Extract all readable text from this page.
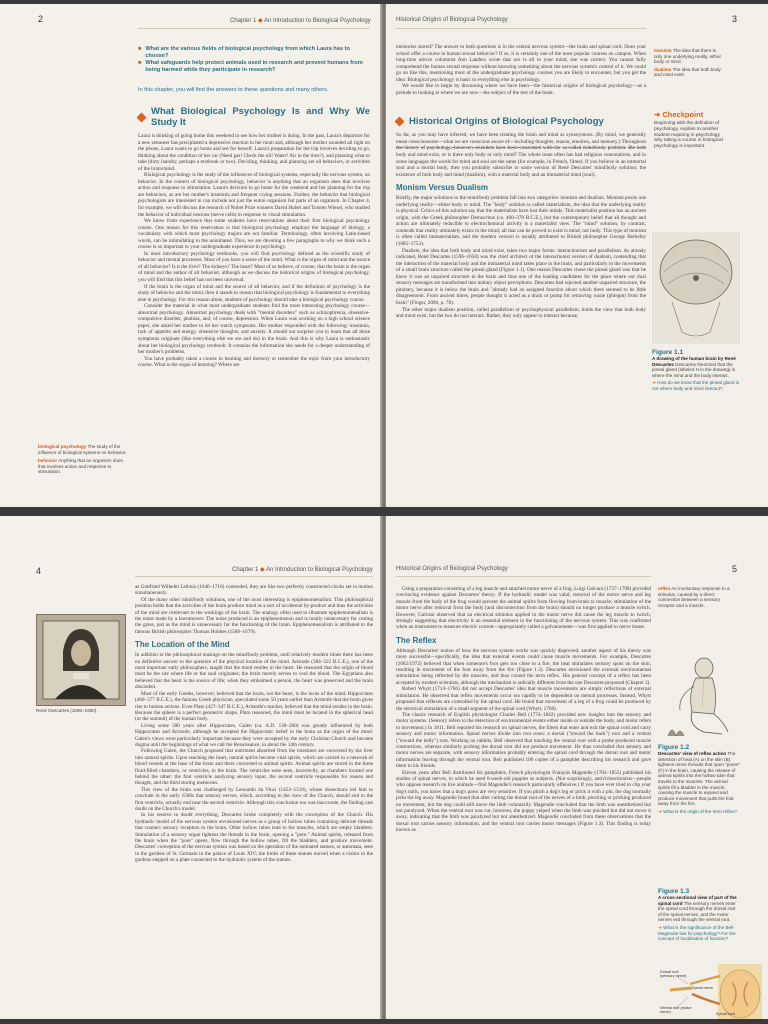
2	Chapter 1 ◆ An Introduction to Biological Psychology
■ What are the various fields of biological psychology from which Laura has to choose?
■ What safeguards help protect animals used in research and prevent humans from being harmed while they participate in research?
In this chapter, you will find the answers to these questions and many others.
What Biological Psychology Is and Why We Study It

Laura is thinking of going home this weekend to see how her mother is doing. In the past, Laura's departure for a new semester has precipitated a depressive reaction in her mom and, although her mother sounded all right on the phone, Laura wants to go home and see for herself. Laura's preparation for the trip involves deciding to go, thinking about the condition of her car (Need gas! Check the oil! Water! Air in the tires?), and planning what to take (dirty laundry, perhaps a textbook or two). Deciding, thinking, and planning are all behaviors, or activities of the brain/mind.

Biological psychology is the study of the influences of biological systems, especially the nervous system, on behavior. In the context of biological psychology, behavior is anything that an organism does that involves action and response to stimulation. Laura's decision to go home for the weekend and her planning for the trip are behaviors, as are her mother's insomnia and frequent crying sessions. Further, the behavior that biological psychologists are interested in can include not just the entire organism but parts of an organism. In Chapter 4, for example, we will discuss the research of Nobel Prize winners David Hubel and Torsten Wiesel, who studied the behavior of individual neurons (nerve cells) in response to visual stimulation.

We know from experience that some students have reservations about their first biological psychology course. One reason for this reservation is that biological psychology employs the language of biology, a vocabulary with which most psychology majors are not familiar. Terminology, often involving Latin-based words, can be intimidating to the uninitiated. Thus, we are devoting a few paragraphs to why we think such a course is so important to your undergraduate experience in psychology.

In most introductory psychology textbooks, you will find psychology defined as the scientific study of behavior and mental processes. Most of you have a sense of the mind. What is the organ of mind and the source of all behavior? Is it the liver? The kidneys? The heart? Most of us believe, of course, that the brain is the organ of mind and the author of all behavior, although as we discuss the historical origins of biological psychology, you will find that this belief has not been universal.

If the brain is the organ of mind and the source of all behavior, and if the definition of psychology is the study of behavior and the mind, then it stands to reason that biological psychology is fundamental to everything else in psychology. For this reason alone, students of psychology should take a biological psychology course.

Consider the material in what most undergraduate students find the most interesting psychology course—abnormal psychology. Abnormal psychology deals with "mental disorders" such as schizophrenia, obsessive-compulsive disorder, phobias, and, of course, depression. When Laura was working on a high school science paper, she asked her mother to let her watch symptoms. Her mother responded with the following: insomnia, lack of appetite and energy, obsessive thoughts, and anxiety. It should not surprise you to learn that all these symptoms originate (like everything else we are and do) in the brain. And this is why Laura is enthusiastic about her biological psychology textbook: It contains the information she needs for a deeper understanding of her mother's problems.

You have probably taken a course in learning and memory or remember the topic from your introductory course. What is the organ of learning? Where are

biological psychology The study of the influence of biological systems on behavior.
behavior Anything that an organism does that involves action and response to stimulation.
Historical Origins of Biological Psychology	3

memories stored? The answer to both questions is in the central nervous system—the brain and spinal cord. Does your school offer a course in human sexual behavior? If so, it is certainly one of the most popular courses on campus. When long-time advice columnist Ann Landers wrote that sex is all in your mind, she was correct. You cannot fully comprehend the human sexual response without knowing something about the nervous system's control of it. We could go on like this, mentioning most of the undergraduate psychology courses you are likely to encounter, but you get the idea: Biological psychology is basic to everything else in psychology.

We would like to begin by discussing where we have been—the historical origins of biological psychology—as a prelude to looking at where we are now—the subject of the rest of the book.

Historical Origins of Biological Psychology

So far, as you may have inferred, we have been treating the brain and mind as synonymous. (By mind, we generally mean consciousness—what we are conscious aware of—including thoughts, reason, emotion, and memory.) Throughout the history of psychology, however, scientists have been concerned with the so-called mind/body problem. Do both body and mind exist, or is there only body or only mind? The whole issue often has had religious connotations, and in some languages the words for mind and soul are the same (for example, in French, l'âme). If you believe in an immortal soul and a mortal body, then you probably subscribe to some version of René Descartes' mind/body solution: the existence of both body and mind (dualism), with a material body and an immaterial mind (soul).

Monism Versus Dualism

Briefly, the major solutions to the mind/body problem fall into two categories: monism and dualism. Monism posits one underlying reality—either body or mind. The "body" solution is called materialism, the idea that the underlying reality is physical. Critics of this solution say that the materialists have lost their minds. This materialist position has an ancient origin, with the Greek philosopher Democritus (ca. 460–370 B.C.E.), but the contemporary belief that all thought and action are ultimately reducible to electrochemical activity is a materialist view. The "mind" solution, by contrast, contends that reality ultimately exists in the mind; all that can be proved to exist is mind, not body. This type of monism is often called immaterialism, and the modern version is usually attributed to British philosopher George Berkeley (1685–1753).

Dualism, the idea that both body and mind exist, takes two major forms: interactionism and parallelism. As already indicated, René Descartes (1596–1650) was the chief architect of the interactionist version of dualism, contending that the interaction of the material body and the immaterial mind takes place in the brain, and particularly in the movements of a small brain structure called the pineal gland (Figure 1.1). One reason Descartes chose the pineal gland was that he knew it was an unpaired structure in the brain and thus one of the leading candidates for the place where our dual sensory messages are transformed into unitary object perceptions. Descartes had rejected another unpaired structure, the pituitary, because it is below the brain and "already had an assigned function about which there seemed to be little disagreement. From ancient times, people thought it acted as a drain or pump for removing waste (phlegm) from the brain" (Finger, 2000, p. 78).

The other major dualism position, called parallelism or psychophysical parallelism, holds the view that both body and mind exist, but the two do not interact. Rather, they only appear to interact because,

monism The idea that there is only one underlying reality, either body or mind.
dualism The idea that both body and mind exist.
➜ Checkpoint
Beginning with the definition of psychology, explain to another student majoring in psychology why taking a course in biological psychology is important.
Figure 1.1
A drawing of the human brain by René Descartes Descartes theorized that the pineal gland (labeled H in the drawing) is where the mind and the body interact.
➜ How do we know that the pineal gland is not where body and mind interact?
4	Chapter 1 ◆ An Introduction to Biological Psychology

as Gottfried Wilhelm Leibniz (1646–1716) contended, they are like two perfectly constructed clocks set in motion simultaneously.

Of the many other mind/body solutions, one of the most interesting is epiphenomenalism. This philosophical position holds that the activities of the brain produce mind as a sort of accidental by-product and thus the activities of the mind are irrelevant to the workings of the brain. The analogy often used to illustrate epiphenomenalism is the noise made by a lawnmower: The noise produced is an epiphenomenon and is totally unnecessary for cutting the grass, just as the mind is unnecessary for the functioning of the brain. Epiphenomenalism is attributed to the famous British philosopher Thomas Hobbes (1588–1679).

The Location of the Mind

In addition to the philosophical musings on the mind/body problem, until relatively modern times there has been no definitive answer to the question of the physical location of the mind. Aristotle (384–322 B.C.E.), one of the most important early philosophers, taught that the mind resides in the heart. He reasoned that the origin of blood must be the site where life or the soul originates; the brain merely serves to cool the blood. The Egyptians also believed that the heart is the source of life; when they embalmed a person, the heart was preserved and the brain discarded.

Most of the early Greeks, however, believed that the brain, not the heart, is the locus of the mind. Hippocrates (460–377 B.C.E.), the famous Greek physician, speculated some 50 years earlier than Aristotle that the brain gives rise to human actions. Even Plato (427–347 B.C.E.), Aristotle's teacher, believed that the mind resides in the brain. Because the sphere is a perfect geometric shape, Plato reasoned, the mind must be located in the spherical head (or the summit) of the human body.

Living some 500 years after Hippocrates, Galen (ca. A.D. 130–200) was greatly influenced by both Hippocrates and Aristotle, although he accepted the Hippocratic belief in the brain as the organ of the mind. Galen's views were particularly important because they were accepted by the early Christian Church and became dogma until the beginnings of what we call the Renaissance, in about the 14th century.

Following Galen, the Church proposed that nutriment absorbed from the intestines are converted by the liver into natural spirits. Upon reaching the heart, natural spirits become vital spirits, which are carried to a network of blood vessels at the base of the brain and there converted to animal spirits. Animal spirits are stored in the three fluid-filled chambers, or ventricles, in the brain. The ventricles were seen, incorrectly, as chambers located one behind the other: the first ventricle analyzing sensory input, the second ventricle responsible for reason and thought, and the third storing memories.

This view of the brain was challenged by Leonardo da Vinci (1452–1519), whose dissections led him to conclude in the early 1500s that sensory nerves, which, according to the view of the Church, should end in the first ventricle, actually end near the second ventricle. Although this conclusion too was inaccurate, the finding cast doubt on the Church's model.

In his resolve to doubt everything, Descartes broke completely with the conception of the Church. His hydraulic model of the nervous system envisioned nerves as a group of hollow tubes containing delicate threads that connect sensory receptors to the brain. Other hollow tubes lead to the muscles, which are empty bladders. Stimulation of a sensory organ tightens the threads in the brain, opening a "pore." Animal spirits, released from the brain when the "pore" opens, flow through the hollow tubes, fill the bladders, and produce movement. Descartes' conception of the nervous system was based on the operation of the animated statues, or automata, seen in the gardens of St. Germain in the palace of Louis XIV; the limbs of these statues moved when a visitor to the gardens stepped on a plate connected to the hydraulic system of the statues.

René Descartes (1596–1650).
Historical Origins of Biological Psychology	5

Using a preparation consisting of a leg muscle and attached motor nerve of a frog, Luigi Galvani (1737–1798) provided convincing evidence against Descartes' theory. If the hydraulic model was valid, removal of the motor nerve and leg muscle from the body of the frog would prevent the animal spirits from flowing from brain to muscle; stimulation of the motor nerve after removal from the body (and disconnection from the brain) should no longer produce a muscle twitch. However, Galvani observed that an electrical stimulus applied to the motor nerve did cause the leg muscle to twitch, strongly suggesting that electricity is an essential element in the functioning of the nervous system. This was confirmed when an instrument to measure electric current—appropriately called a galvanometer—was first applied to nerve tissue.

The Reflex

Although Descartes' notion of how the nervous system works was quickly disproved, another aspect of his theory was more successful—specifically, the idea that external events could cause muscle movements. For example, Descartes (1662/1972) believed that when someone's foot gets too close to a fire, the heat stimulates sensory spots on the skin, resulting in movement of the foot away from the fire (Figure 1.2). Descartes envisioned the external environmental stimulation being reflected by the muscles, and thus coined the term reflex. His general concept of a reflex has been accepted by modern scientists, although the mechanism is radically different from the one Descartes proposed (Chapter 2).

Robert Whytt (1714–1766) did not accept Descartes' idea that muscle movements are simply reflections of external stimulation. He observed that reflex movements occur too rapidly to be dependent on mental processes. Instead, Whytt proposed that reflexes are controlled by the spinal cord. He found that movement of a leg of a frog could be produced by the electrical stimulation of a small segment of the spinal cord (Whytt, 1768).

The classic research of English physiologist Charles Bell (1774–1842) provided new insights into the sensory and motor systems. (Sensory refers to the detection of environmental events either inside or outside the body, and motor refers to movement.) In 1811, Bell reported his research on spinal nerves, the fibers that enter and exit the spinal cord and carry sensory and motor information. Spinal nerves divide into two roots: a dorsal ("toward the back") root and a ventral ("toward the belly") root. Working on rabbits, Bell observed that touching the ventral root with a probe produced muscle contractions, whereas similarly probing the dorsal root did not produce movement. He thus concluded that sensory and motor nerves are separate, with sensory information probably entering the spinal cord through the dorsal root and motor information leaving through the ventral root. Bell published 100 copies of a pamphlet describing his research and gave them to his friends.

Eleven years after Bell distributed his pamphlets, French physiologist François Magendie (1783–1855) published his studies of spinal nerves, in which he used 6-week-old puppies as subjects. (Not surprisingly, antivivisectionists—people who oppose research on live animals—find Magendie's research particularly offensive.) If you have ever tried to clip your dog's nails, you know that a dog's paws are very sensitive. If you pinch a dog's leg or prick it with a pin, the dog normally jerks the leg away. Magendie found that after cutting the dorsal root of the nerves of a limb, pinching or pricking produced no movement, but the dog could still move the limb voluntarily. Magendie concluded that the limb was anesthetized but not paralyzed. When the ventral root was cut, however, the puppy yelped when the limb was pinched but did not move it away, indicating that the limb was paralyzed but not anesthetized. Magendie concluded from these observations that the dorsal root carries sensory information, and the ventral root carries motor messages (Figure 1.3). This finding is today known as

reflex An involuntary response to a stimulus, caused by a direct connection between a sensory receptor and a muscle.
Figure 1.2
Descartes' view of reflex action The detection of heat (A) on the skin (B) tightens nerve threads that open "pores" (F) in the brain, causing the release of animal spirits into the hollow tube that travels to the muscles. The animal spirits fill a bladder in the muscle, causing the muscle to expand and produce movement that pulls the foot away from the fire.
➜ What is the origin of the term reflex?
Figure 1.3
A cross-sectional view of part of the spinal cord The sensory nerves enter the spinal cord through the dorsal root of the spinal nerves, and the motor nerves exit through the ventral root.
➜ What is the significance of the Bell-Magendie law for psychology? For the concept of localization of function?
Dorsal root (sensory nerve)
Spinal nerve
Ventral root (motor nerve)	Spinal cord
